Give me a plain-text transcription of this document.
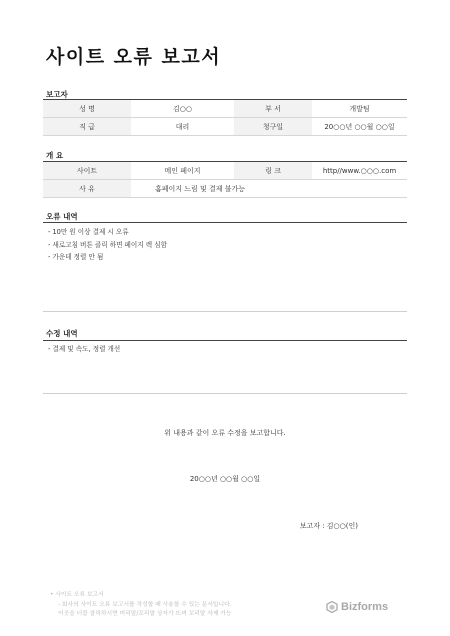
사이트 오류 보고서
보고자
성 명	김○○	부 서	개발팀
직 급	대리	청구일	20○○년 ○○월 ○○일
개 요
사이트	메인 페이지	링 크	http//www.○○○.com
사 유	홈페이지 느림 및 결제 불가능		
오류 내역
- 10만 원 이상 결제 시 오류
- 새로고침 버튼 클릭 하면 페이지 렉 심함
- 가운데 정렬 안 됨
수정 내역
- 결제 및 속도, 정렬 개선
위 내용과 같이 오류 수정을 보고합니다.
20○○년 ○○월 ○○일
보고자 : 김○○(인)
• 사이트 오류 보고서
- 회사의 사이트 오류 보고서를 작성할 때 사용할 수 있는 문서입니다.
이곳을 더블 클릭하시면 머리말/꼬리말 상자가 뜨며 꼬리말 삭제 가능
Bizforms
